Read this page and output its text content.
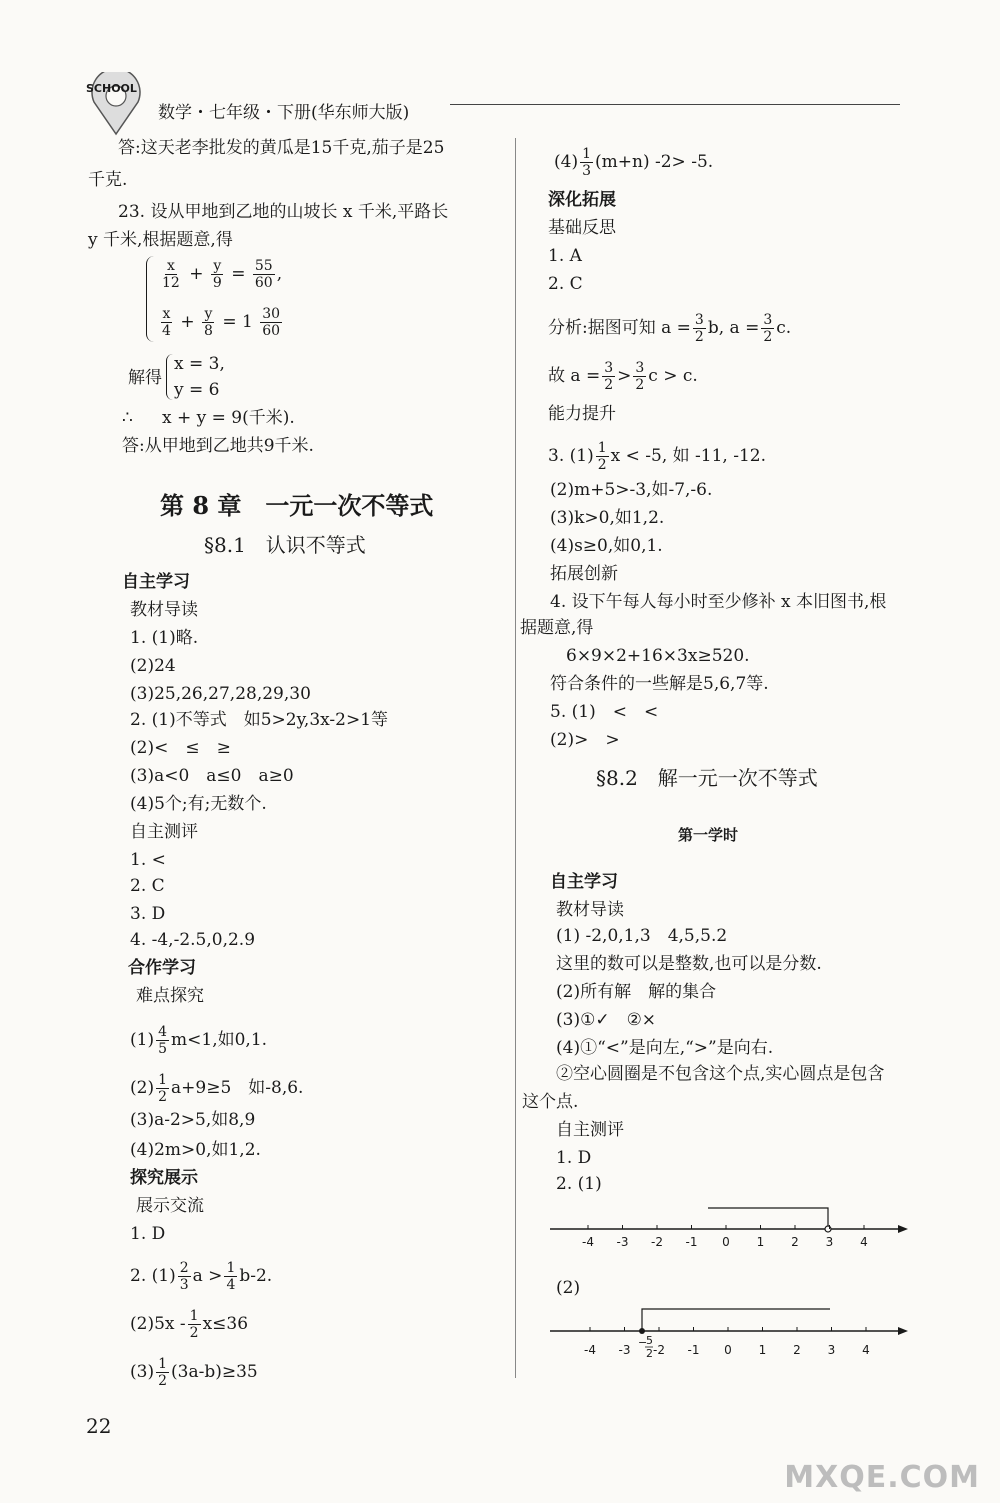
SCHOOL
数学・七年级・下册(华东师大版)
答:这天老李批发的黄瓜是15千克,茄子是25
千克.
23. 设从甲地到乙地的山坡长 x 千米,平路长
y 千米,根据题意,得
$\frac{x}{12} + \frac{y}{9} = \frac{55}{60}$ ,
$\frac{x}{4} + \frac{y}{8} = 1 \frac{30}{60}$
解得
x = 3,
y = 6
∴ x + y = 9(千米).
答:从甲地到乙地共9千米.
第 8 章　一元一次不等式
§8.1　认识不等式
自主学习
教材导读
1. (1)略.
(2)24
(3)25,26,27,28,29,30
2. (1)不等式　如5>2y,3x-2>1等
(2)<　≤　≥
(3)a<0　a≤0　a≥0
(4)5个;有;无数个.
自主测评
1. <
2. C
3. D
4. -4,-2.5,0,2.9
合作学习
难点探究
$(1) \frac{4}{5} m<1$,如0,1.
$(2) \frac{1}{2} a+9\ge 5$　如-8,6.
(3)a-2>5,如8,9
(4)2m>0,如1,2.
探究展示
展示交流
1. D
2. $(1) \frac{2}{3}$ $a > \frac{1}{4} b-2$.
$(2)5x - \frac{1}{2} x\le 36$
$(3) \frac{1}{2} (3a-b)\ge 35$
22
$(4) \frac{1}{3} (m+n)$ -2> -5.
深化拓展
基础反思
1. A
2. C
分析:据图可知 $a = \frac{3}{2} b$, $a = \frac{3}{2} c$.
故 $a = \frac{3}{2} > \frac{3}{2}$ c > c.
能力提升
3. $(1) \frac{1}{2}$ x < -5, 如 -11, -12.
(2)m+5>-3,如-7,-6.
(3)k>0,如1,2.
(4)s≥0,如0,1.
拓展创新
4. 设下午每人每小时至少修补 x 本旧图书,根
据题意,得
6×9×2+16×3x≥520.
符合条件的一些解是5,6,7等.
5. (1)　<　<
(2)>　>
§8.2　解一元一次不等式
第一学时
自主学习
教材导读
(1) -2,0,1,3　4,5,5.2
这里的数可以是整数,也可以是分数.
(2)所有解　解的集合
(3)①✓　②×
(4)①“<”是向左,“>”是向右.
②空心圆圈是不包含这个点,实心圆点是包含
这个点.
自主测评
1. D
2. (1)
-4 -3 -2 -1 0 1 2 3 4
(2)
-4 -3 -2 -1 0 1 2 3 4
−
5
2
MXQE.COM
